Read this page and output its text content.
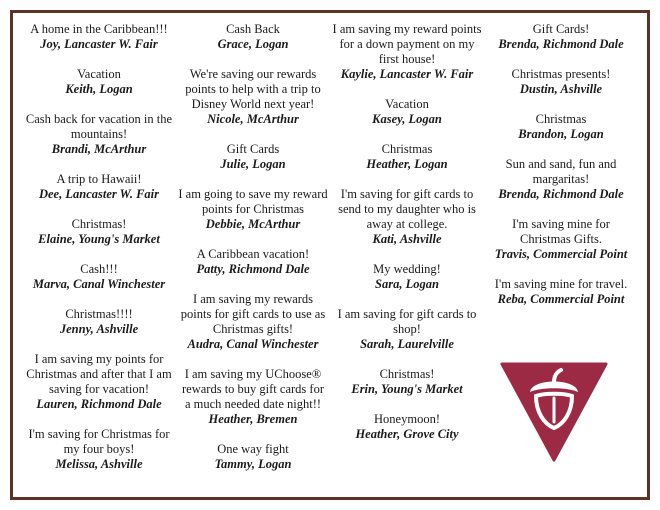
A home in the Caribbean!!!
Joy, Lancaster W. Fair
Vacation
Keith, Logan
Cash back for vacation in the mountains!
Brandi, McArthur
A trip to Hawaii!
Dee, Lancaster W. Fair
Christmas!
Elaine, Young's Market
Cash!!!
Marva, Canal Winchester
Christmas!!!!
Jenny, Ashville
I am saving my points for Christmas and after that I am saving for vacation!
Lauren, Richmond Dale
I'm saving for Christmas for my four boys!
Melissa, Ashville
Cash Back
Grace, Logan
We're saving our rewards points to help with a trip to Disney World next year!
Nicole, McArthur
Gift Cards
Julie, Logan
I am going to save my reward points for Christmas
Debbie, McArthur
A Caribbean vacation!
Patty, Richmond Dale
I am saving my rewards points for gift cards to use as Christmas gifts!
Audra, Canal Winchester
I am saving my UChoose® rewards to buy gift cards for a much needed date night!!
Heather, Bremen
One way fight
Tammy, Logan
I am saving my reward points for a down payment on my first house!
Kaylie, Lancaster W. Fair
Vacation
Kasey, Logan
Christmas
Heather, Logan
I'm saving for gift cards to send to my daughter who is away at college.
Kati, Ashville
My wedding!
Sara, Logan
I am saving for gift cards to shop!
Sarah, Laurelville
Christmas!
Erin, Young's Market
Honeymoon!
Heather, Grove City
Gift Cards!
Brenda, Richmond Dale
Christmas presents!
Dustin, Ashville
Christmas
Brandon, Logan
Sun and sand, fun and margaritas!
Brenda, Richmond Dale
I'm saving mine for Christmas Gifts.
Travis, Commercial Point
I'm saving mine for travel.
Reba, Commercial Point
